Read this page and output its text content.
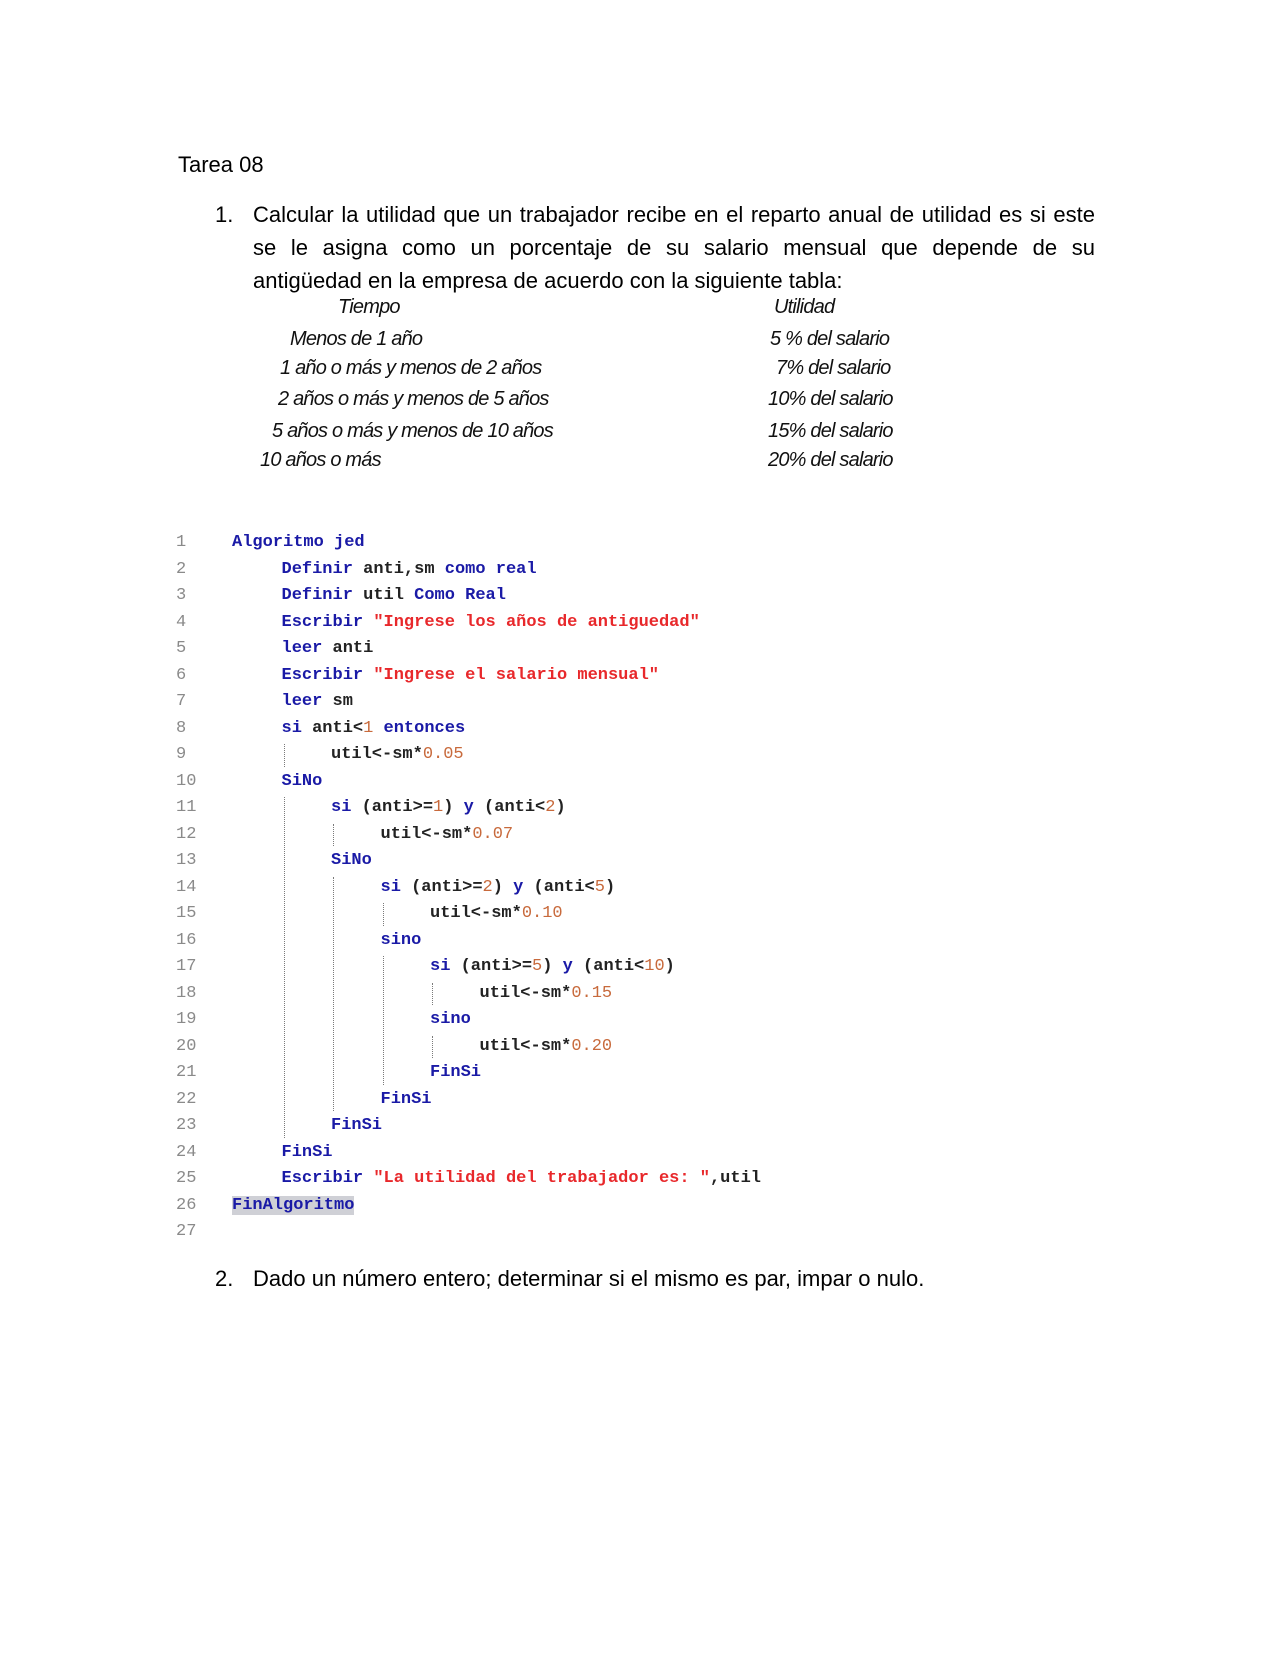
Tarea 08
1. Calcular la utilidad que un trabajador recibe en el reparto anual de utilidad es si este se le asigna como un porcentaje de su salario mensual que depende de su antigüedad en la empresa de acuerdo con la siguiente tabla:
Tiempo	Utilidad
Menos de 1 año	5 % del salario
1 año o más y menos de 2 años	7% del salario
2 años o más y menos de 5 años	10% del salario
5 años o más y menos de 10 años	15% del salario
10 años o más	20% del salario
1	Algoritmo jed
2	Definir anti,sm como real
3	Definir util Como Real
4	Escribir "Ingrese los años de antiguedad"
5	leer anti
6	Escribir "Ingrese el salario mensual"
7	leer sm
8	si anti<1 entonces
9	util<-sm*0.05
10	SiNo
11	si (anti>=1) y (anti<2)
12	util<-sm*0.07
13	SiNo
14	si (anti>=2) y (anti<5)
15	util<-sm*0.10
16	sino
17	si (anti>=5) y (anti<10)
18	util<-sm*0.15
19	sino
20	util<-sm*0.20
21	FinSi
22	FinSi
23	FinSi
24	FinSi
25	Escribir "La utilidad del trabajador es: ",util
26	FinAlgoritmo
27
2. Dado un número entero; determinar si el mismo es par, impar o nulo.
